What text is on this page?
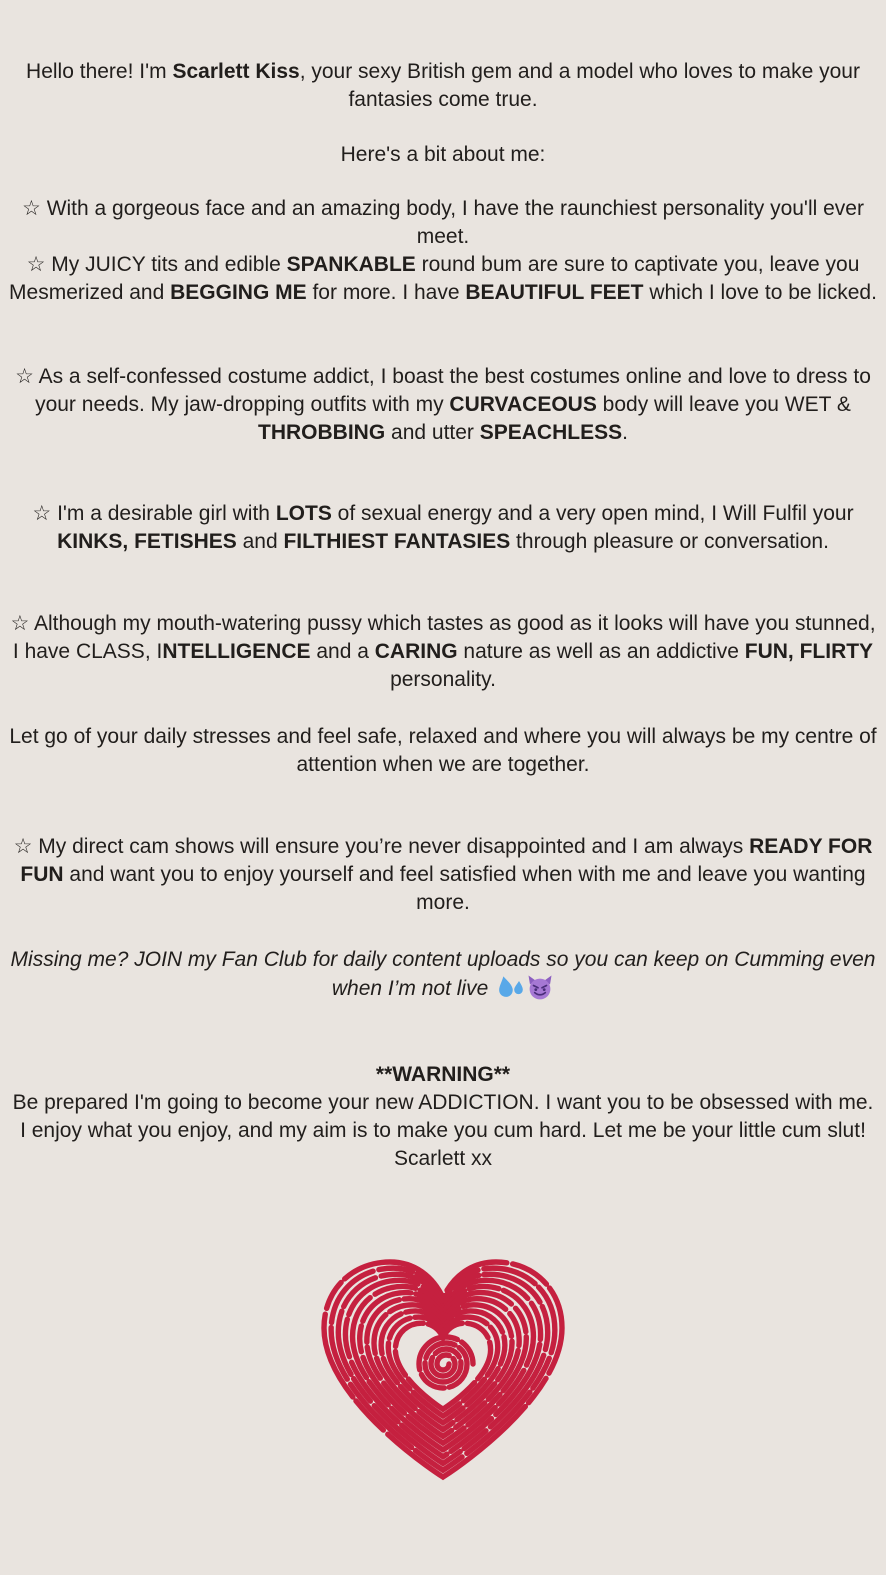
Hello there! I'm Scarlett Kiss, your sexy British gem and a model who loves to make your fantasies come true.

Here's a bit about me:

☆ With a gorgeous face and an amazing body, I have the raunchiest personality you'll ever meet.

☆ My JUICY tits and edible SPANKABLE round bum are sure to captivate you, leave you Mesmerized and BEGGING ME for more. I have BEAUTIFUL FEET which I love to be licked.

☆ As a self-confessed costume addict, I boast the best costumes online and love to dress to your needs. My jaw-dropping outfits with my CURVACEOUS body will leave you WET & THROBBING and utter SPEACHLESS.

☆ I'm a desirable girl with LOTS of sexual energy and a very open mind, I Will Fulfil your KINKS, FETISHES and FILTHIEST FANTASIES through pleasure or conversation.

☆ Although my mouth-watering pussy which tastes as good as it looks will have you stunned, I have CLASS, INTELLIGENCE and a CARING nature as well as an addictive FUN, FLIRTY personality.

Let go of your daily stresses and feel safe, relaxed and where you will always be my centre of attention when we are together.

☆ My direct cam shows will ensure you’re never disappointed and I am always READY FOR FUN and want you to enjoy yourself and feel satisfied when with me and leave you wanting more.

Missing me? JOIN my Fan Club for daily content uploads so you can keep on Cumming even when I’m not live

**WARNING**

Be prepared I'm going to become your new ADDICTION. I want you to be obsessed with me. I enjoy what you enjoy, and my aim is to make you cum hard. Let me be your little cum slut!

Scarlett xx
